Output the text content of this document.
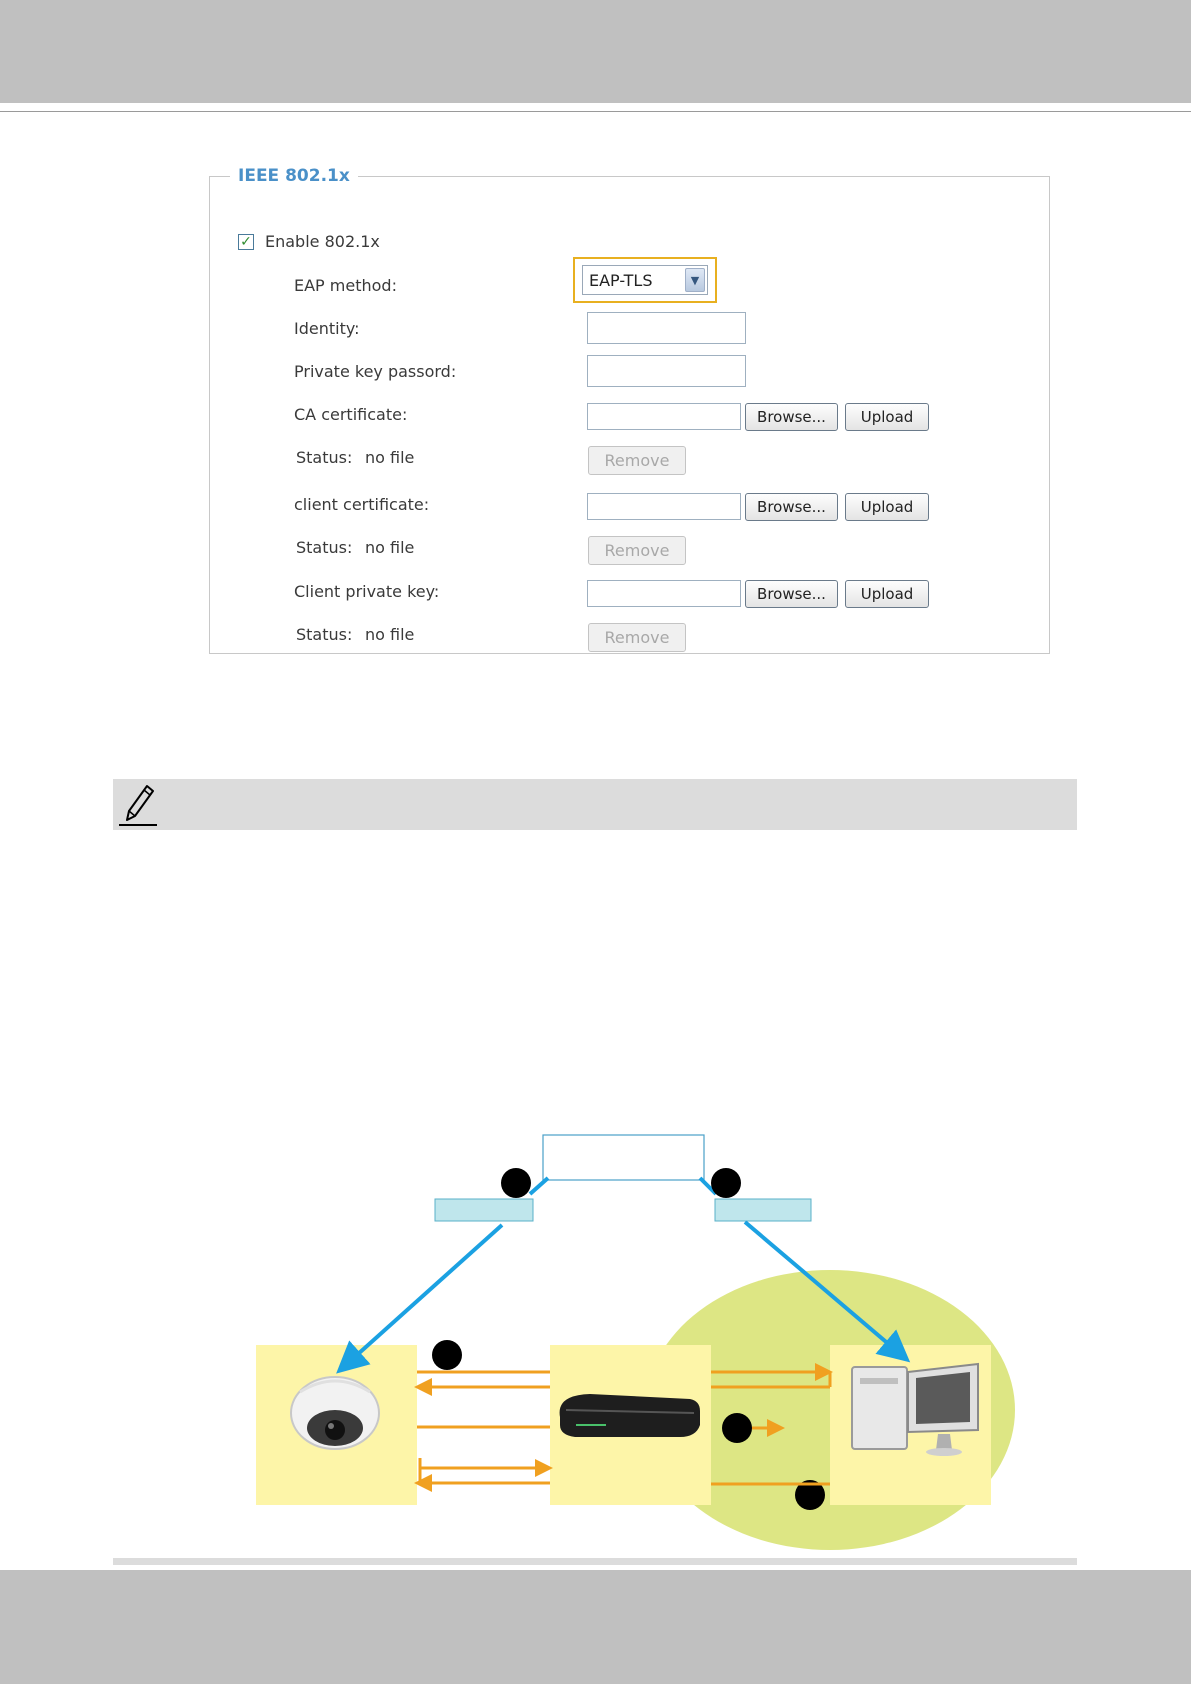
IEEE 802.1x
✓ Enable 802.1x
EAP method:	EAP-TLS	▼
Identity:
Private key passord:
CA certificate:	Browse...	Upload
Status: no file	Remove
client certificate:	Browse...	Upload
Status: no file	Remove
Client private key:	Browse...	Upload
Status: no file	Remove
